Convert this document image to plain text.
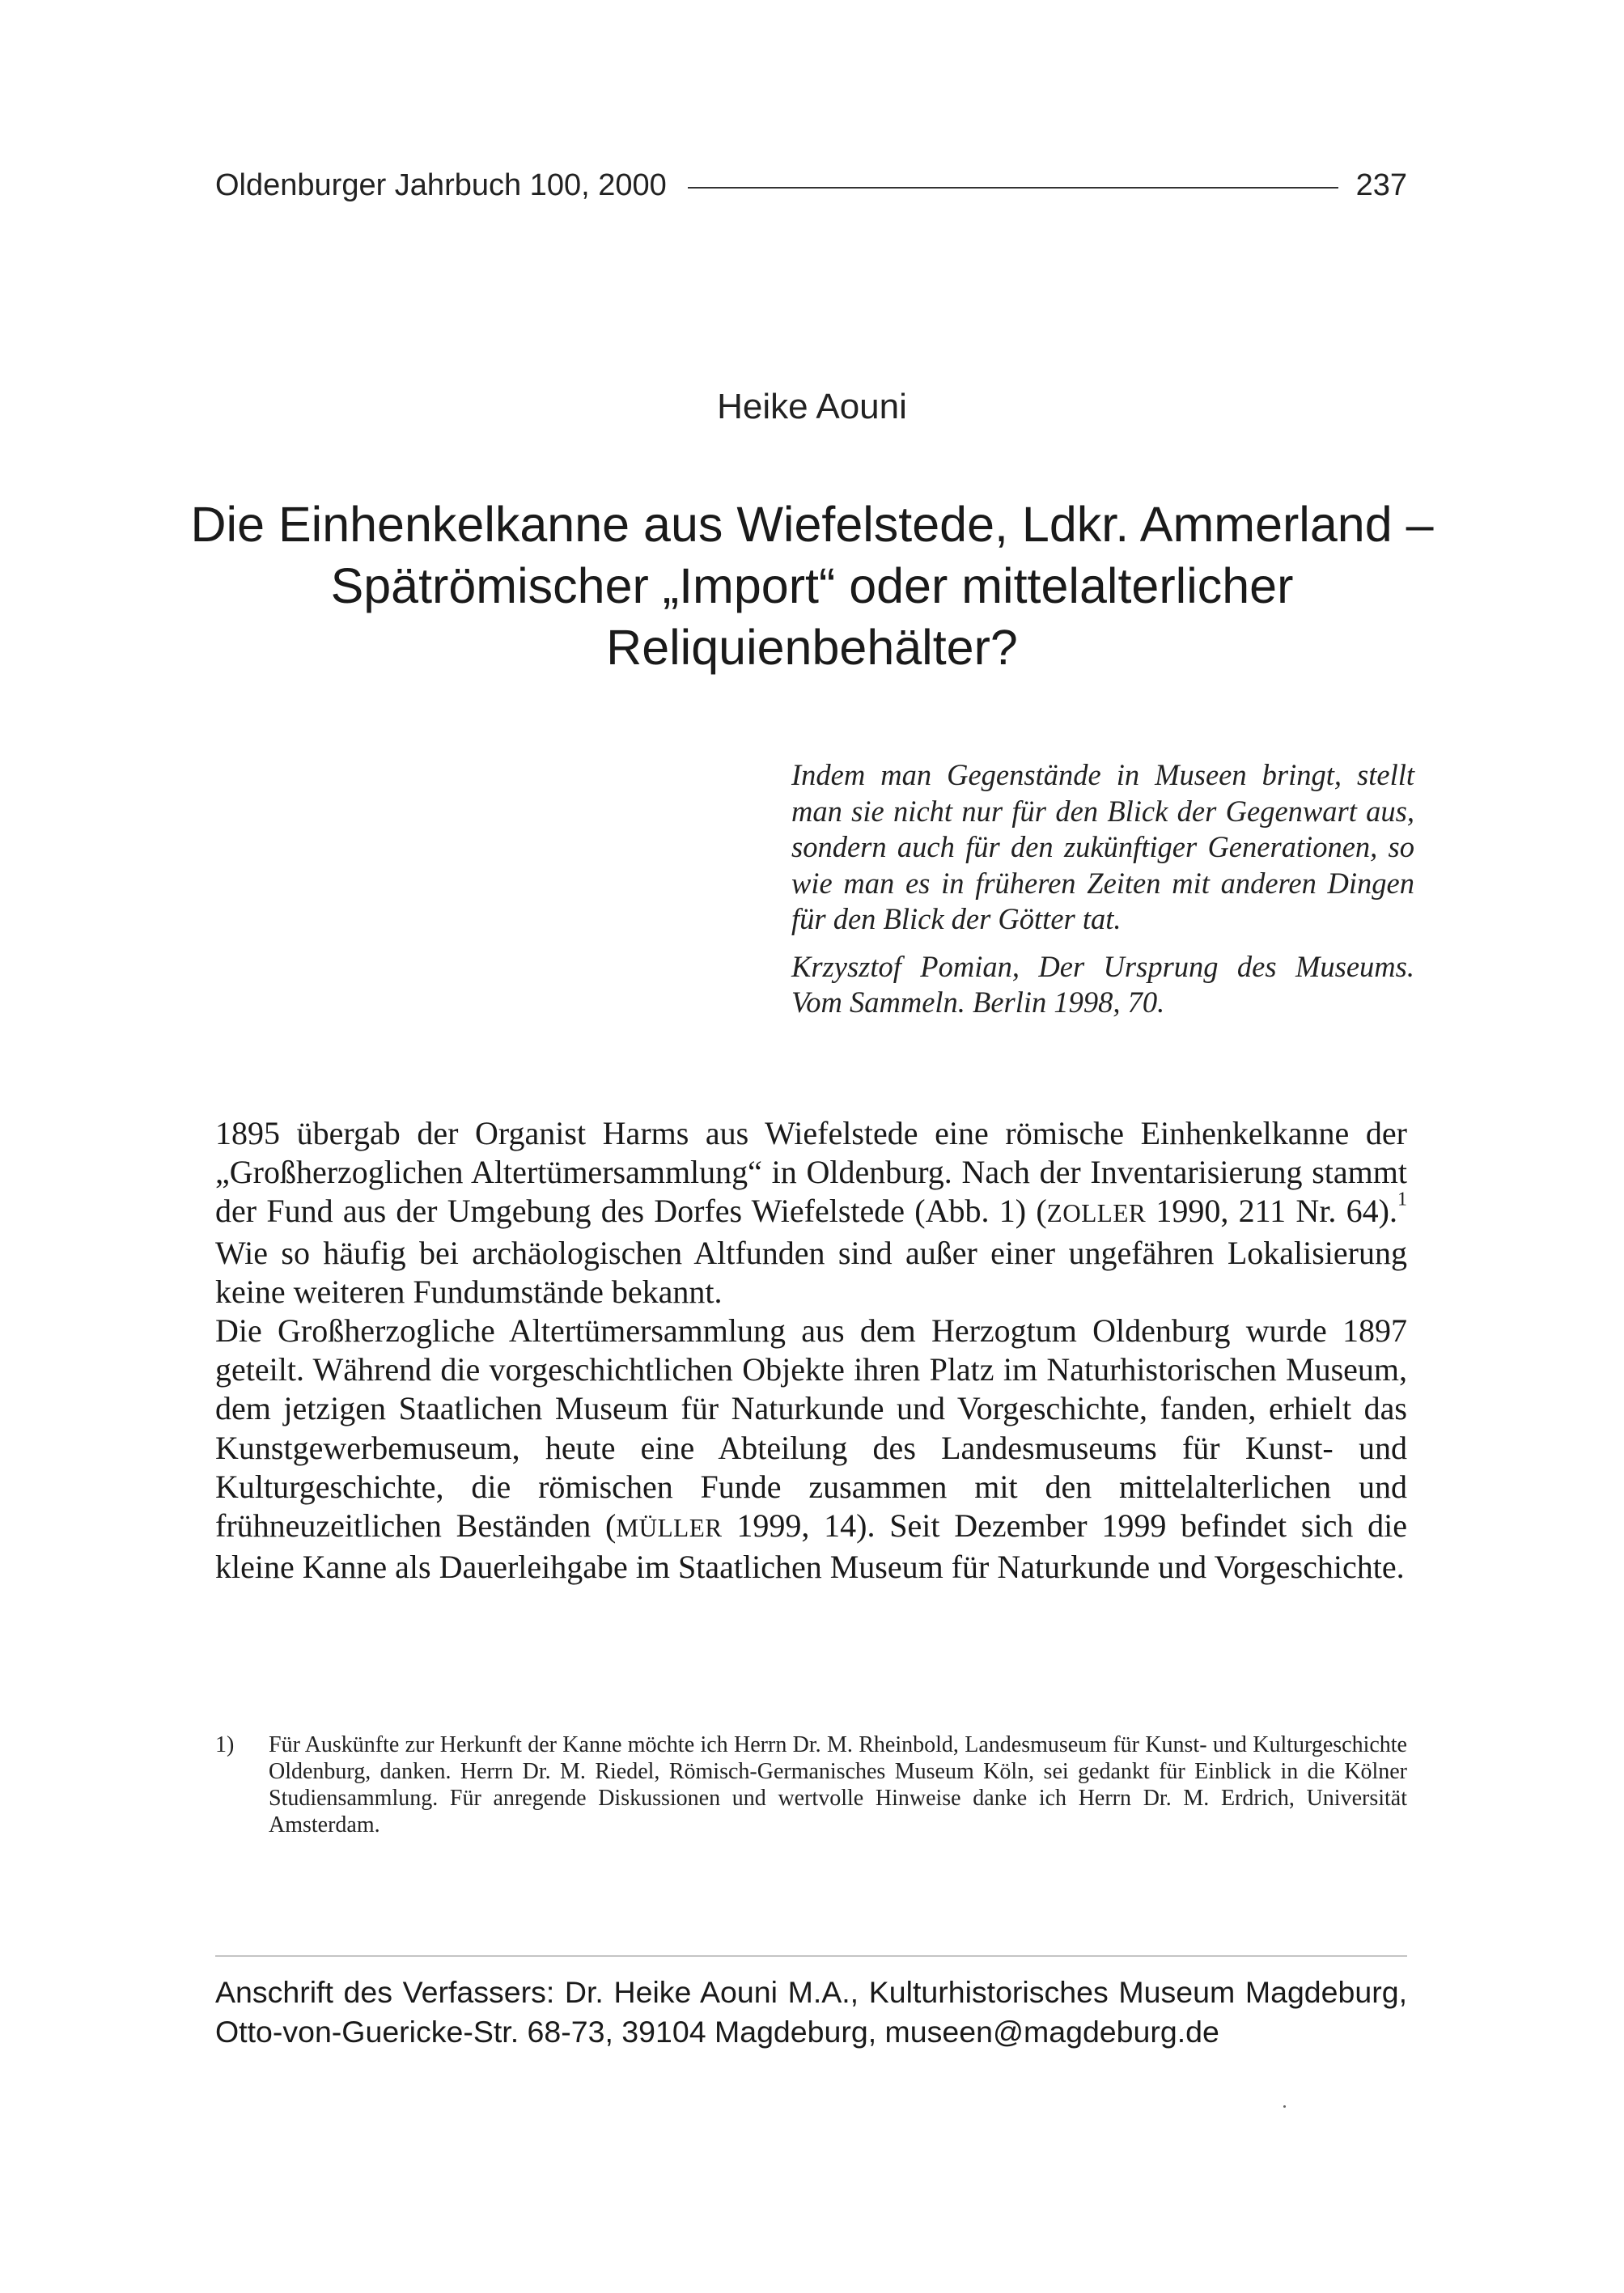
Oldenburger Jahrbuch 100, 2000	237
Heike Aouni
Die Einhenkelkanne aus Wiefelstede, Ldkr. Ammerland –
Spätrömischer „Import“ oder mittelalterlicher
Reliquienbehälter?

Indem man Gegenstände in Museen bringt, stellt man sie nicht nur für den Blick der Gegenwart aus, sondern auch für den zukünftiger Generationen, so wie man es in früheren Zeiten mit anderen Dingen für den Blick der Götter tat.

Krzysztof Pomian, Der Ursprung des Museums. Vom Sammeln. Berlin 1998, 70.

1895 übergab der Organist Harms aus Wiefelstede eine römische Einhenkelkanne der „Großherzoglichen Altertümersammlung“ in Oldenburg. Nach der Inventarisierung stammt der Fund aus der Umgebung des Dorfes Wiefelstede (Abb. 1) (ZOLLER 1990, 211 Nr. 64).$^1$ Wie so häufig bei archäologischen Altfunden sind außer einer ungefähren Lokalisierung keine weiteren Fundumstände bekannt.

Die Großherzogliche Altertümersammlung aus dem Herzogtum Oldenburg wurde 1897 geteilt. Während die vorgeschichtlichen Objekte ihren Platz im Naturhistorischen Museum, dem jetzigen Staatlichen Museum für Naturkunde und Vorgeschichte, fanden, erhielt das Kunstgewerbemuseum, heute eine Abteilung des Landesmuseums für Kunst- und Kulturgeschichte, die römischen Funde zusammen mit den mittelalterlichen und frühneuzeitlichen Beständen (MÜLLER 1999, 14). Seit Dezember 1999 befindet sich die kleine Kanne als Dauerleihgabe im Staatlichen Museum für Naturkunde und Vorgeschichte.

1)	Für Auskünfte zur Herkunft der Kanne möchte ich Herrn Dr. M. Rheinbold, Landesmuseum für Kunst- und Kulturgeschichte Oldenburg, danken. Herrn Dr. M. Riedel, Römisch-Germanisches Museum Köln, sei gedankt für Einblick in die Kölner Studiensammlung. Für anregende Diskussionen und wertvolle Hinweise danke ich Herrn Dr. M. Erdrich, Universität Amsterdam.
Anschrift des Verfassers: Dr. Heike Aouni M.A., Kulturhistorisches Museum Magdeburg, Otto-von-Guericke-Str. 68-73, 39104 Magdeburg, museen@magdeburg.de
